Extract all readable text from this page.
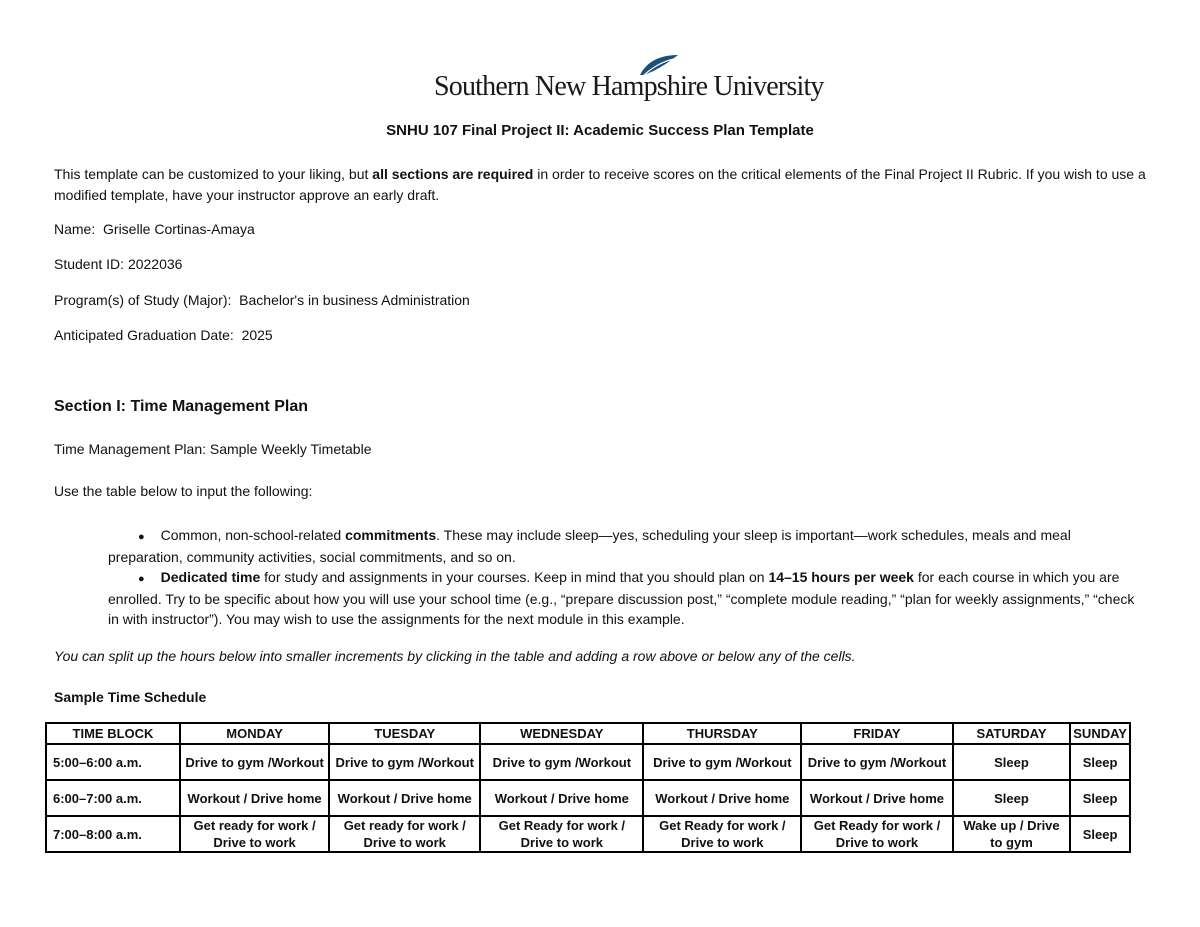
Southern New Hampshire University
SNHU 107 Final Project II: Academic Success Plan Template
This template can be customized to your liking, but all sections are required in order to receive scores on the critical elements of the Final Project II Rubric. If you wish to use a modified template, have your instructor approve an early draft.
Name: Griselle Cortinas-Amaya
Student ID: 2022036
Program(s) of Study (Major): Bachelor's in business Administration
Anticipated Graduation Date: 2025
Section I: Time Management Plan
Time Management Plan: Sample Weekly Timetable
Use the table below to input the following:
● Common, non-school-related commitments. These may include sleep—yes, scheduling your sleep is important—work schedules, meals and meal preparation, community activities, social commitments, and so on.
● Dedicated time for study and assignments in your courses. Keep in mind that you should plan on 14–15 hours per week for each course in which you are enrolled. Try to be specific about how you will use your school time (e.g., “prepare discussion post,” “complete module reading,” “plan for weekly assignments,” “check in with instructor”). You may wish to use the assignments for the next module in this example.
You can split up the hours below into smaller increments by clicking in the table and adding a row above or below any of the cells.
Sample Time Schedule
TIME BLOCK	MONDAY	TUESDAY	WEDNESDAY	THURSDAY	FRIDAY	SATURDAY	SUNDAY
5:00–6:00 a.m.	Drive to gym /Workout	Drive to gym /Workout	Drive to gym /Workout	Drive to gym /Workout	Drive to gym /Workout	Sleep	Sleep
6:00–7:00 a.m.	Workout / Drive home	Workout / Drive home	Workout / Drive home	Workout / Drive home	Workout / Drive home	Sleep	Sleep
7:00–8:00 a.m.	Get ready for work / Drive to work	Get ready for work / Drive to work	Get Ready for work / Drive to work	Get Ready for work / Drive to work	Get Ready for work / Drive to work	Wake up / Drive to gym	Sleep
